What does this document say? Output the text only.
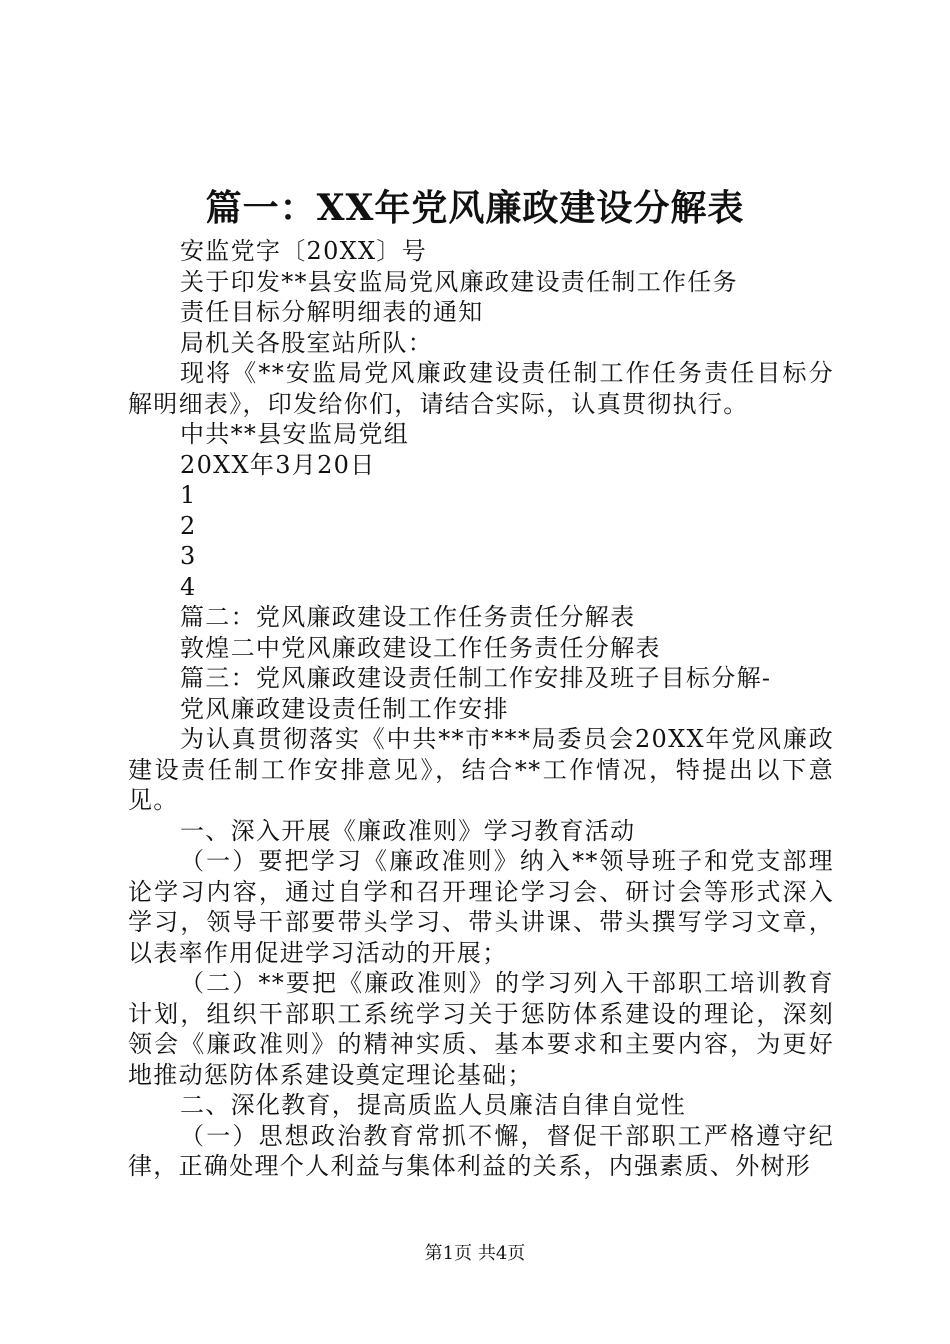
篇一：XX年党风廉政建设分解表

安监党字〔20XX〕号

关于印发**县安监局党风廉政建设责任制工作任务

责任目标分解明细表的通知

局机关各股室站所队：

现将《**安监局党风廉政建设责任制工作任务责任目标分解明细表》，印发给你们，请结合实际，认真贯彻执行。

中共**县安监局党组

20XX年3月20日

1

2

3

4

篇二：党风廉政建设工作任务责任分解表

敦煌二中党风廉政建设工作任务责任分解表

篇三：党风廉政建设责任制工作安排及班子目标分解-

党风廉政建设责任制工作安排

为认真贯彻落实《中共**市***局委员会20XX年党风廉政建设责任制工作安排意见》，结合**工作情况，特提出以下意见。

一、深入开展《廉政准则》学习教育活动

（一）要把学习《廉政准则》纳入**领导班子和党支部理论学习内容，通过自学和召开理论学习会、研讨会等形式深入学习，领导干部要带头学习、带头讲课、带头撰写学习文章，以表率作用促进学习活动的开展；

（二）**要把《廉政准则》的学习列入干部职工培训教育计划，组织干部职工系统学习关于惩防体系建设的理论，深刻领会《廉政准则》的精神实质、基本要求和主要内容，为更好地推动惩防体系建设奠定理论基础；

二、深化教育，提高质监人员廉洁自律自觉性

（一）思想政治教育常抓不懈，督促干部职工严格遵守纪律，正确处理个人利益与集体利益的关系，内强素质、外树形

第1页 共4页
